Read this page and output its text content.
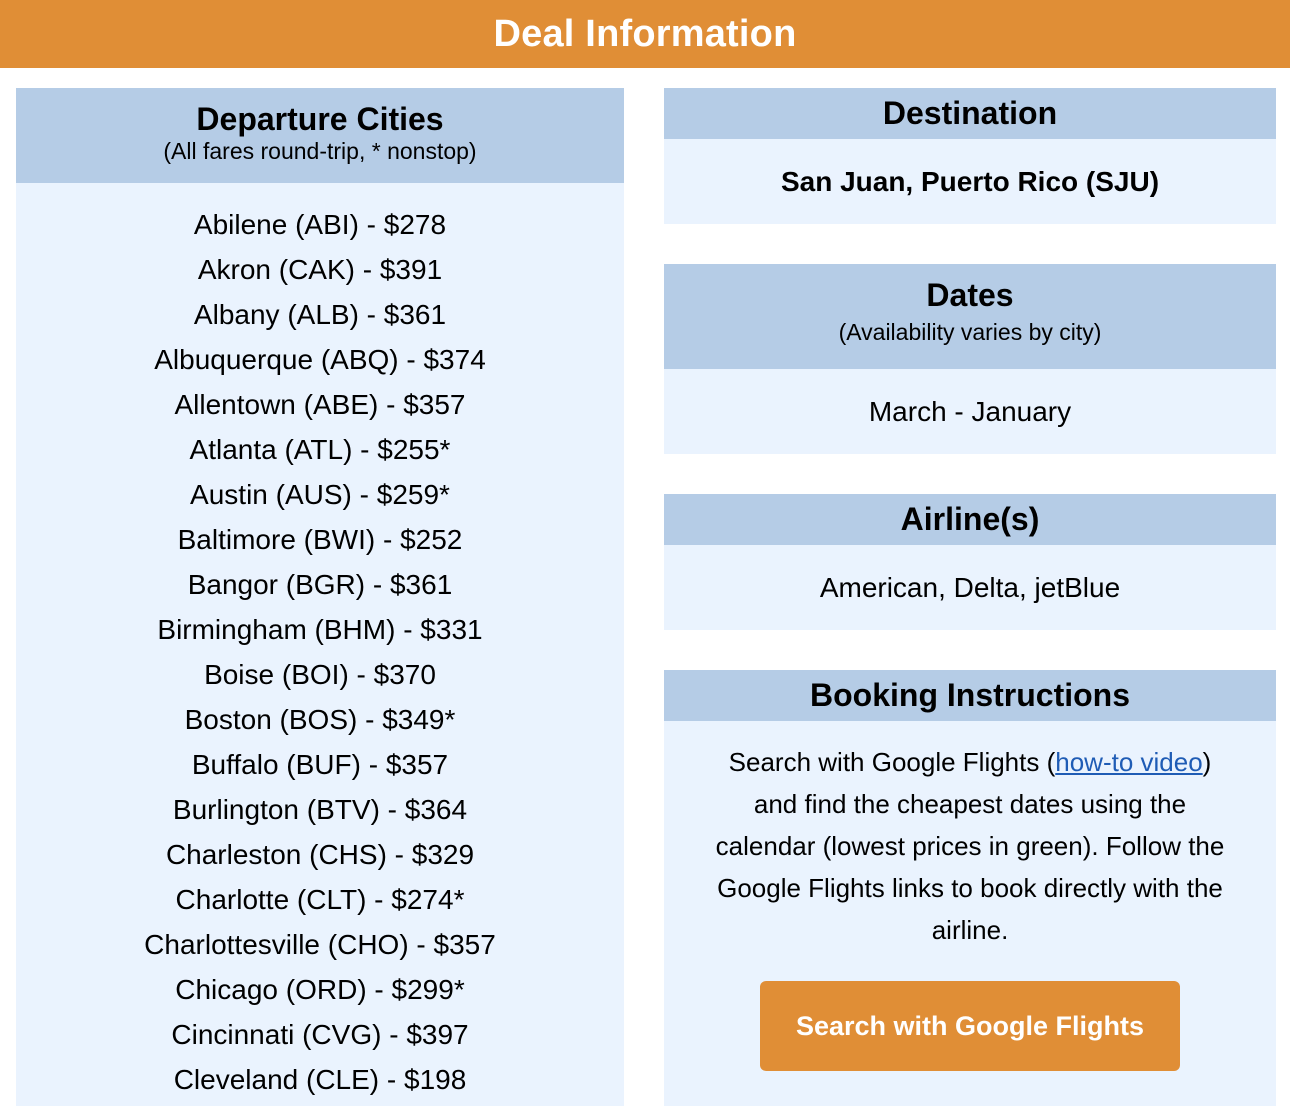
Deal Information
Departure Cities
(All fares round-trip, * nonstop)
Abilene (ABI) - $278
Akron (CAK) - $391
Albany (ALB) - $361
Albuquerque (ABQ) - $374
Allentown (ABE) - $357
Atlanta (ATL) - $255*
Austin (AUS) - $259*
Baltimore (BWI) - $252
Bangor (BGR) - $361
Birmingham (BHM) - $331
Boise (BOI) - $370
Boston (BOS) - $349*
Buffalo (BUF) - $357
Burlington (BTV) - $364
Charleston (CHS) - $329
Charlotte (CLT) - $274*
Charlottesville (CHO) - $357
Chicago (ORD) - $299*
Cincinnati (CVG) - $397
Cleveland (CLE) - $198
Destination
San Juan, Puerto Rico (SJU)
Dates
(Availability varies by city)
March - January
Airline(s)
American, Delta, jetBlue
Booking Instructions
Search with Google Flights (how-to video) and find the cheapest dates using the calendar (lowest prices in green). Follow the Google Flights links to book directly with the airline.
Search with Google Flights
